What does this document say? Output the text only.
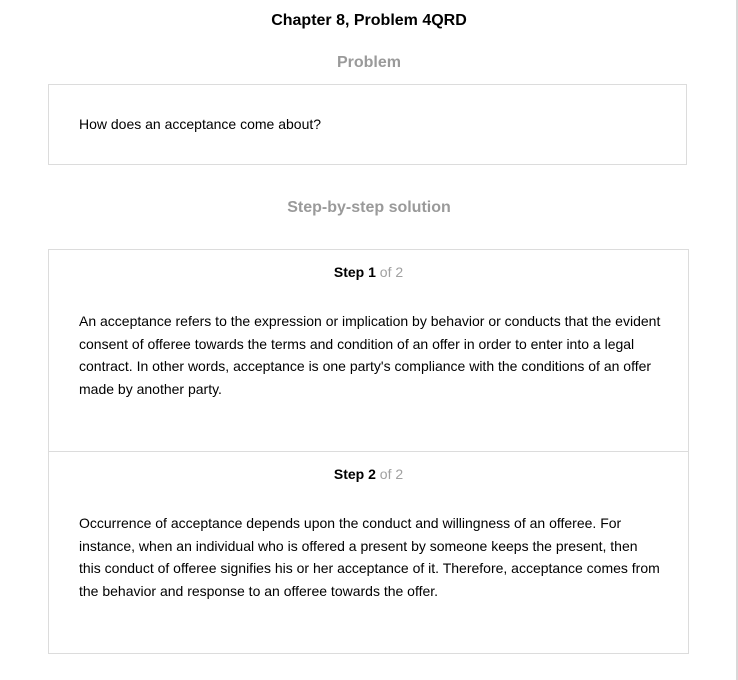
Chapter 8, Problem 4QRD
Problem
How does an acceptance come about?
Step-by-step solution
Step 1 of 2

An acceptance refers to the expression or implication by behavior or conducts that the evident consent of offeree towards the terms and condition of an offer in order to enter into a legal contract. In other words, acceptance is one party's compliance with the conditions of an offer made by another party.

Step 2 of 2

Occurrence of acceptance depends upon the conduct and willingness of an offeree. For instance, when an individual who is offered a present by someone keeps the present, then this conduct of offeree signifies his or her acceptance of it. Therefore, acceptance comes from the behavior and response to an offeree towards the offer.
